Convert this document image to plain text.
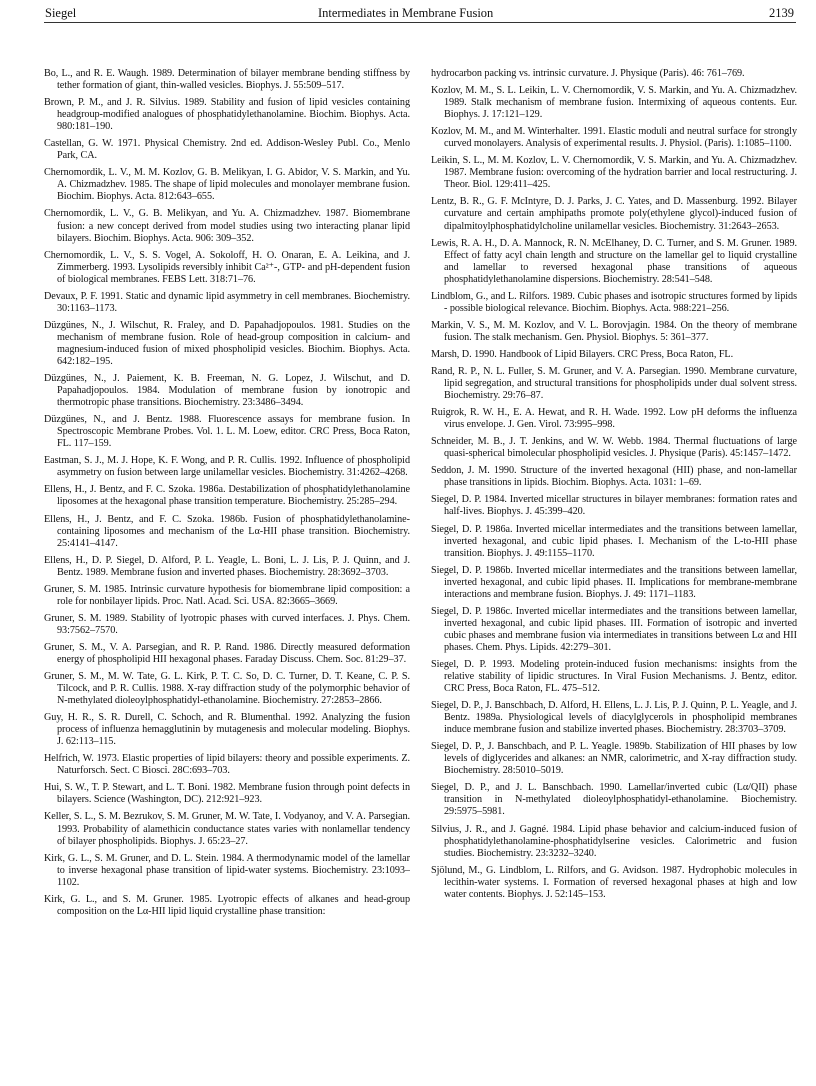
Siegel	Intermediates in Membrane Fusion	2139

Bo, L., and R. E. Waugh. 1989. Determination of bilayer membrane bending stiffness by tether formation of giant, thin-walled vesicles. Biophys. J. 55:509–517.

Brown, P. M., and J. R. Silvius. 1989. Stability and fusion of lipid vesicles containing headgroup-modified analogues of phosphatidylethanolamine. Biochim. Biophys. Acta. 980:181–190.

Castellan, G. W. 1971. Physical Chemistry. 2nd ed. Addison-Wesley Publ. Co., Menlo Park, CA.

Chernomordik, L. V., M. M. Kozlov, G. B. Melikyan, I. G. Abidor, V. S. Markin, and Yu. A. Chizmadzhev. 1985. The shape of lipid molecules and monolayer membrane fusion. Biochim. Biophys. Acta. 812:643–655.

Chernomordik, L. V., G. B. Melikyan, and Yu. A. Chizmadzhev. 1987. Biomembrane fusion: a new concept derived from model studies using two interacting planar lipid bilayers. Biochim. Biophys. Acta. 906: 309–352.

Chernomordik, L. V., S. S. Vogel, A. Sokoloff, H. O. Onaran, E. A. Leikina, and J. Zimmerberg. 1993. Lysolipids reversibly inhibit Ca²⁺-, GTP- and pH-dependent fusion of biological membranes. FEBS Lett. 318:71–76.

Devaux, P. F. 1991. Static and dynamic lipid asymmetry in cell membranes. Biochemistry. 30:1163–1173.

Düzgünes, N., J. Wilschut, R. Fraley, and D. Papahadjopoulos. 1981. Studies on the mechanism of membrane fusion. Role of head-group composition in calcium- and magnesium-induced fusion of mixed phospholipid vesicles. Biochim. Biophys. Acta. 642:182–195.

Düzgünes, N., J. Paiement, K. B. Freeman, N. G. Lopez, J. Wilschut, and D. Papahadjopoulos. 1984. Modulation of membrane fusion by ionotropic and thermotropic phase transitions. Biochemistry. 23:3486–3494.

Düzgünes, N., and J. Bentz. 1988. Fluorescence assays for membrane fusion. In Spectroscopic Membrane Probes. Vol. 1. L. M. Loew, editor. CRC Press, Boca Raton, FL. 117–159.

Eastman, S. J., M. J. Hope, K. F. Wong, and P. R. Cullis. 1992. Influence of phospholipid asymmetry on fusion between large unilamellar vesicles. Biochemistry. 31:4262–4268.

Ellens, H., J. Bentz, and F. C. Szoka. 1986a. Destabilization of phosphatidylethanolamine liposomes at the hexagonal phase transition temperature. Biochemistry. 25:285–294.

Ellens, H., J. Bentz, and F. C. Szoka. 1986b. Fusion of phosphatidylethanolamine-containing liposomes and mechanism of the Lα-HII phase transition. Biochemistry. 25:4141–4147.

Ellens, H., D. P. Siegel, D. Alford, P. L. Yeagle, L. Boni, L. J. Lis, P. J. Quinn, and J. Bentz. 1989. Membrane fusion and inverted phases. Biochemistry. 28:3692–3703.

Gruner, S. M. 1985. Intrinsic curvature hypothesis for biomembrane lipid composition: a role for nonbilayer lipids. Proc. Natl. Acad. Sci. USA. 82:3665–3669.

Gruner, S. M. 1989. Stability of lyotropic phases with curved interfaces. J. Phys. Chem. 93:7562–7570.

Gruner, S. M., V. A. Parsegian, and R. P. Rand. 1986. Directly measured deformation energy of phospholipid HII hexagonal phases. Faraday Discuss. Chem. Soc. 81:29–37.

Gruner, S. M., M. W. Tate, G. L. Kirk, P. T. C. So, D. C. Turner, D. T. Keane, C. P. S. Tilcock, and P. R. Cullis. 1988. X-ray diffraction study of the polymorphic behavior of N-methylated dioleoylphosphatidyl-ethanolamine. Biochemistry. 27:2853–2866.

Guy, H. R., S. R. Durell, C. Schoch, and R. Blumenthal. 1992. Analyzing the fusion process of influenza hemagglutinin by mutagenesis and molecular modeling. Biophys. J. 62:113–115.

Helfrich, W. 1973. Elastic properties of lipid bilayers: theory and possible experiments. Z. Naturforsch. Sect. C Biosci. 28C:693–703.

Hui, S. W., T. P. Stewart, and L. T. Boni. 1982. Membrane fusion through point defects in bilayers. Science (Washington, DC). 212:921–923.

Keller, S. L., S. M. Bezrukov, S. M. Gruner, M. W. Tate, I. Vodyanoy, and V. A. Parsegian. 1993. Probability of alamethicin conductance states varies with nonlamellar tendency of bilayer phospholipids. Biophys. J. 65:23–27.

Kirk, G. L., S. M. Gruner, and D. L. Stein. 1984. A thermodynamic model of the lamellar to inverse hexagonal phase transition of lipid-water systems. Biochemistry. 23:1093–1102.

Kirk, G. L., and S. M. Gruner. 1985. Lyotropic effects of alkanes and head-group composition on the Lα-HII lipid liquid crystalline phase transition:

hydrocarbon packing vs. intrinsic curvature. J. Physique (Paris). 46: 761–769.

Kozlov, M. M., S. L. Leikin, L. V. Chernomordik, V. S. Markin, and Yu. A. Chizmadzhev. 1989. Stalk mechanism of membrane fusion. Intermixing of aqueous contents. Eur. Biophys. J. 17:121–129.

Kozlov, M. M., and M. Winterhalter. 1991. Elastic moduli and neutral surface for strongly curved monolayers. Analysis of experimental results. J. Physiol. (Paris). 1:1085–1100.

Leikin, S. L., M. M. Kozlov, L. V. Chernomordik, V. S. Markin, and Yu. A. Chizmadzhev. 1987. Membrane fusion: overcoming of the hydration barrier and local restructuring. J. Theor. Biol. 129:411–425.

Lentz, B. R., G. F. McIntyre, D. J. Parks, J. C. Yates, and D. Massenburg. 1992. Bilayer curvature and certain amphipaths promote poly(ethylene glycol)-induced fusion of dipalmitoylphosphatidylcholine unilamellar vesicles. Biochemistry. 31:2643–2653.

Lewis, R. A. H., D. A. Mannock, R. N. McElhaney, D. C. Turner, and S. M. Gruner. 1989. Effect of fatty acyl chain length and structure on the lamellar gel to liquid crystalline and lamellar to reversed hexagonal phase transitions of aqueous phosphatidylethanolamine dispersions. Biochemistry. 28:541–548.

Lindblom, G., and L. Rilfors. 1989. Cubic phases and isotropic structures formed by lipids - possible biological relevance. Biochim. Biophys. Acta. 988:221–256.

Markin, V. S., M. M. Kozlov, and V. L. Borovjagin. 1984. On the theory of membrane fusion. The stalk mechanism. Gen. Physiol. Biophys. 5: 361–377.

Marsh, D. 1990. Handbook of Lipid Bilayers. CRC Press, Boca Raton, FL.

Rand, R. P., N. L. Fuller, S. M. Gruner, and V. A. Parsegian. 1990. Membrane curvature, lipid segregation, and structural transitions for phospholipids under dual solvent stress. Biochemistry. 29:76–87.

Ruigrok, R. W. H., E. A. Hewat, and R. H. Wade. 1992. Low pH deforms the influenza virus envelope. J. Gen. Virol. 73:995–998.

Schneider, M. B., J. T. Jenkins, and W. W. Webb. 1984. Thermal fluctuations of large quasi-spherical bimolecular phospholipid vesicles. J. Physique (Paris). 45:1457–1472.

Seddon, J. M. 1990. Structure of the inverted hexagonal (HII) phase, and non-lamellar phase transitions in lipids. Biochim. Biophys. Acta. 1031: 1–69.

Siegel, D. P. 1984. Inverted micellar structures in bilayer membranes: formation rates and half-lives. Biophys. J. 45:399–420.

Siegel, D. P. 1986a. Inverted micellar intermediates and the transitions between lamellar, inverted hexagonal, and cubic lipid phases. I. Mechanism of the L-to-HII phase transition. Biophys. J. 49:1155–1170.

Siegel, D. P. 1986b. Inverted micellar intermediates and the transitions between lamellar, inverted hexagonal, and cubic lipid phases. II. Implications for membrane-membrane interactions and membrane fusion. Biophys. J. 49: 1171–1183.

Siegel, D. P. 1986c. Inverted micellar intermediates and the transitions between lamellar, inverted hexagonal, and cubic lipid phases. III. Formation of isotropic and inverted cubic phases and membrane fusion via intermediates in transitions between Lα and HII phases. Chem. Phys. Lipids. 42:279–301.

Siegel, D. P. 1993. Modeling protein-induced fusion mechanisms: insights from the relative stability of lipidic structures. In Viral Fusion Mechanisms. J. Bentz, editor. CRC Press, Boca Raton, FL. 475–512.

Siegel, D. P., J. Banschbach, D. Alford, H. Ellens, L. J. Lis, P. J. Quinn, P. L. Yeagle, and J. Bentz. 1989a. Physiological levels of diacylglycerols in phospholipid membranes induce membrane fusion and stabilize inverted phases. Biochemistry. 28:3703–3709.

Siegel, D. P., J. Banschbach, and P. L. Yeagle. 1989b. Stabilization of HII phases by low levels of diglycerides and alkanes: an NMR, calorimetric, and X-ray diffraction study. Biochemistry. 28:5010–5019.

Siegel, D. P., and J. L. Banschbach. 1990. Lamellar/inverted cubic (Lα/QII) phase transition in N-methylated dioleoylphosphatidyl-ethanolamine. Biochemistry. 29:5975–5981.

Silvius, J. R., and J. Gagné. 1984. Lipid phase behavior and calcium-induced fusion of phosphatidylethanolamine-phosphatidylserine vesicles. Calorimetric and fusion studies. Biochemistry. 23:3232–3240.

Sjölund, M., G. Lindblom, L. Rilfors, and G. Avidson. 1987. Hydrophobic molecules in lecithin-water systems. I. Formation of reversed hexagonal phases at high and low water contents. Biophys. J. 52:145–153.
